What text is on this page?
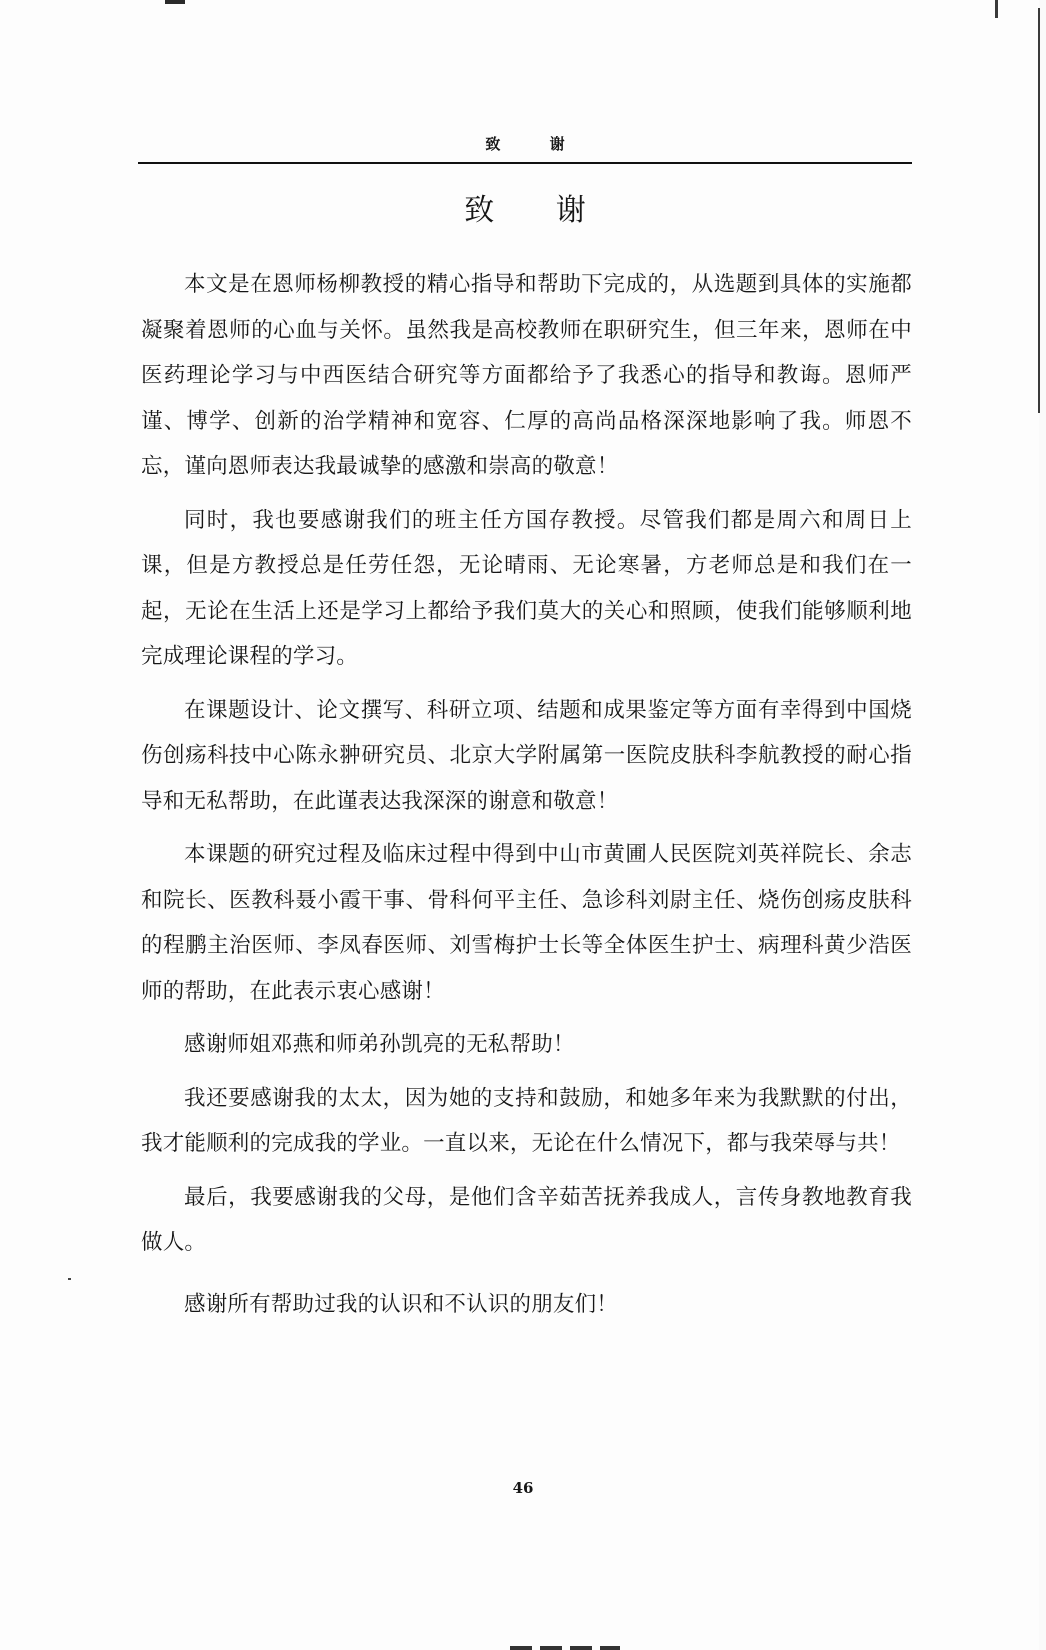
致 谢
致 谢

本文是在恩师杨柳教授的精心指导和帮助下完成的，从选题到具体的实施都凝聚着恩师的心血与关怀。虽然我是高校教师在职研究生，但三年来，恩师在中医药理论学习与中西医结合研究等方面都给予了我悉心的指导和教诲。恩师严谨、博学、创新的治学精神和宽容、仁厚的高尚品格深深地影响了我。师恩不忘，谨向恩师表达我最诚挚的感激和崇高的敬意！

同时，我也要感谢我们的班主任方国存教授。尽管我们都是周六和周日上课，但是方教授总是任劳任怨，无论晴雨、无论寒暑，方老师总是和我们在一起，无论在生活上还是学习上都给予我们莫大的关心和照顾，使我们能够顺利地完成理论课程的学习。

在课题设计、论文撰写、科研立项、结题和成果鉴定等方面有幸得到中国烧伤创疡科技中心陈永翀研究员、北京大学附属第一医院皮肤科李航教授的耐心指导和无私帮助，在此谨表达我深深的谢意和敬意！

本课题的研究过程及临床过程中得到中山市黄圃人民医院刘英祥院长、余志和院长、医教科聂小霞干事、骨科何平主任、急诊科刘尉主任、烧伤创疡皮肤科的程鹏主治医师、李凤春医师、刘雪梅护士长等全体医生护士、病理科黄少浩医师的帮助，在此表示衷心感谢！

感谢师姐邓燕和师弟孙凯亮的无私帮助！

我还要感谢我的太太，因为她的支持和鼓励，和她多年来为我默默的付出，我才能顺利的完成我的学业。一直以来，无论在什么情况下，都与我荣辱与共！

最后，我要感谢我的父母，是他们含辛茹苦抚养我成人，言传身教地教育我做人。

感谢所有帮助过我的认识和不认识的朋友们！

46
